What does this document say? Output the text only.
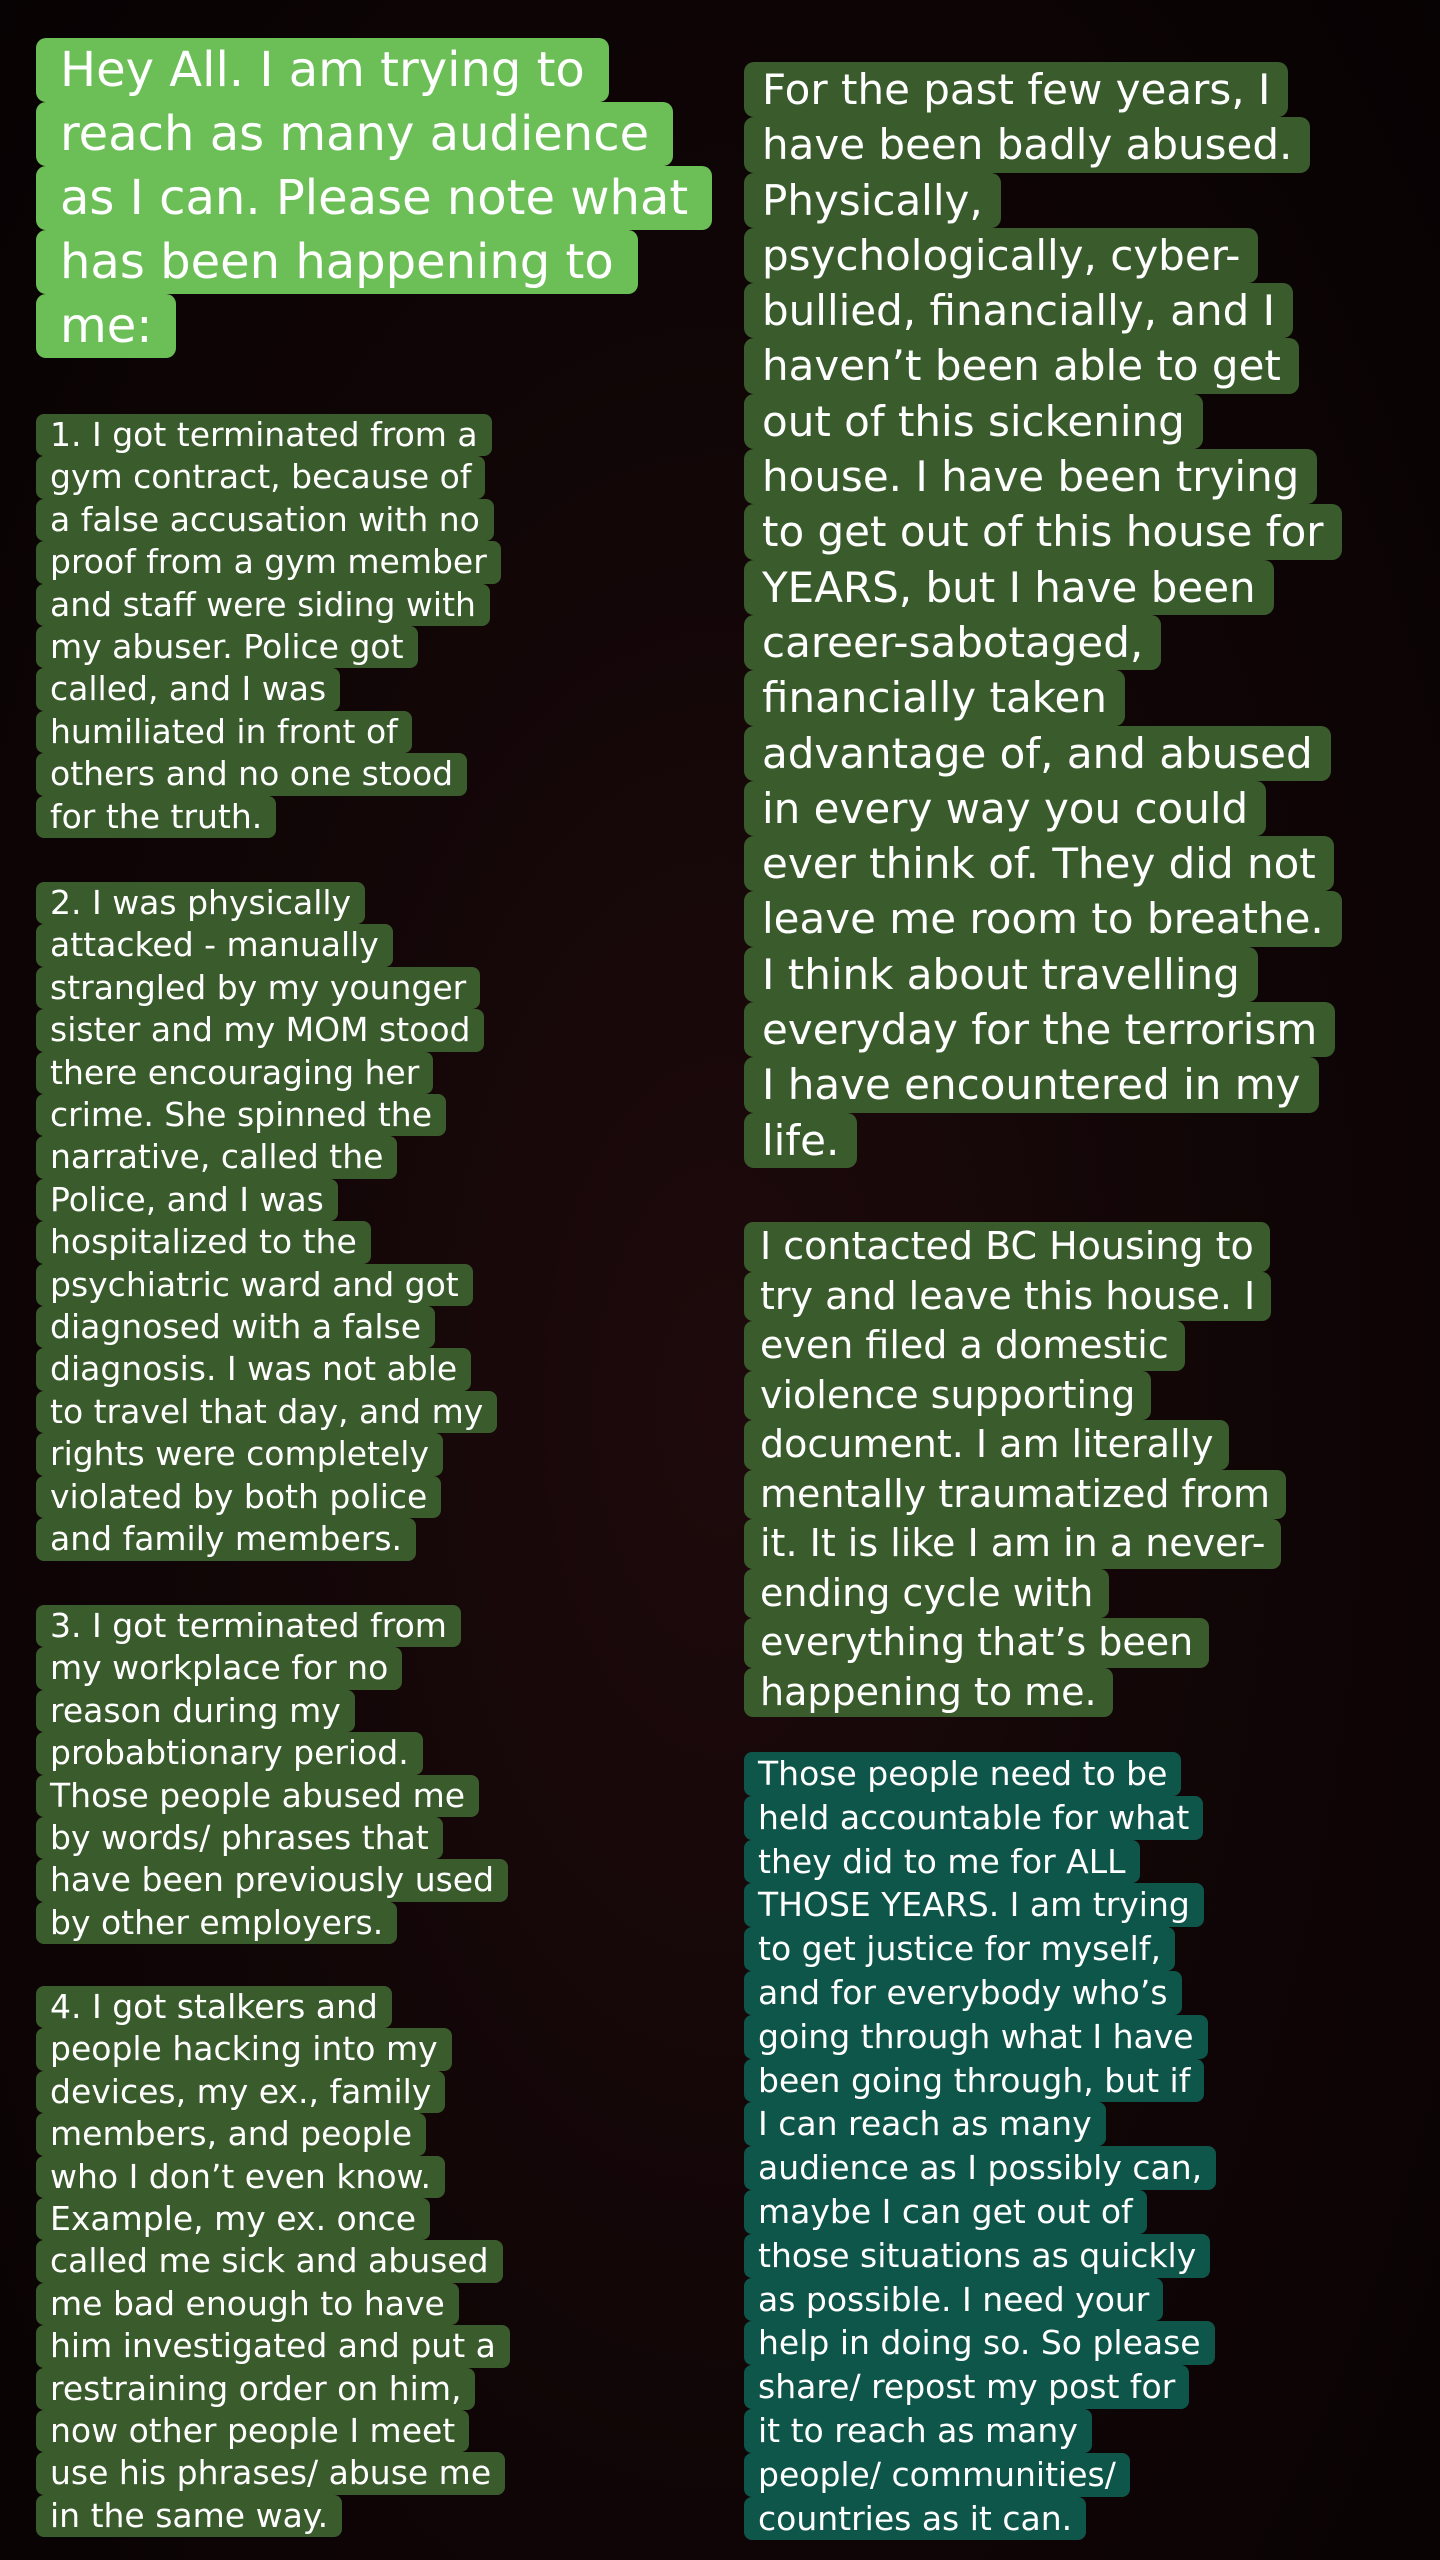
Hey All. I am trying to
reach as many audience
as I can. Please note what
has been happening to
me:
1. I got terminated from a
gym contract, because of
a false accusation with no
proof from a gym member
and staff were siding with
my abuser. Police got
called, and I was
humiliated in front of
others and no one stood
for the truth.
2. I was physically
attacked - manually
strangled by my younger
sister and my MOM stood
there encouraging her
crime. She spinned the
narrative, called the
Police, and I was
hospitalized to the
psychiatric ward and got
diagnosed with a false
diagnosis. I was not able
to travel that day, and my
rights were completely
violated by both police
and family members.
3. I got terminated from
my workplace for no
reason during my
probabtionary period.
Those people abused me
by words/ phrases that
have been previously used
by other employers.
4. I got stalkers and
people hacking into my
devices, my ex., family
members, and people
who I don’t even know.
Example, my ex. once
called me sick and abused
me bad enough to have
him investigated and put a
restraining order on him,
now other people I meet
use his phrases/ abuse me
in the same way.
For the past few years, I
have been badly abused.
Physically,
psychologically, cyber-
bullied, financially, and I
haven’t been able to get
out of this sickening
house. I have been trying
to get out of this house for
YEARS, but I have been
career-sabotaged,
financially taken
advantage of, and abused
in every way you could
ever think of. They did not
leave me room to breathe.
I think about travelling
everyday for the terrorism
I have encountered in my
life.
I contacted BC Housing to
try and leave this house. I
even filed a domestic
violence supporting
document. I am literally
mentally traumatized from
it. It is like I am in a never-
ending cycle with
everything that’s been
happening to me.
Those people need to be
held accountable for what
they did to me for ALL
THOSE YEARS. I am trying
to get justice for myself,
and for everybody who’s
going through what I have
been going through, but if
I can reach as many
audience as I possibly can,
maybe I can get out of
those situations as quickly
as possible. I need your
help in doing so. So please
share/ repost my post for
it to reach as many
people/ communities/
countries as it can.
